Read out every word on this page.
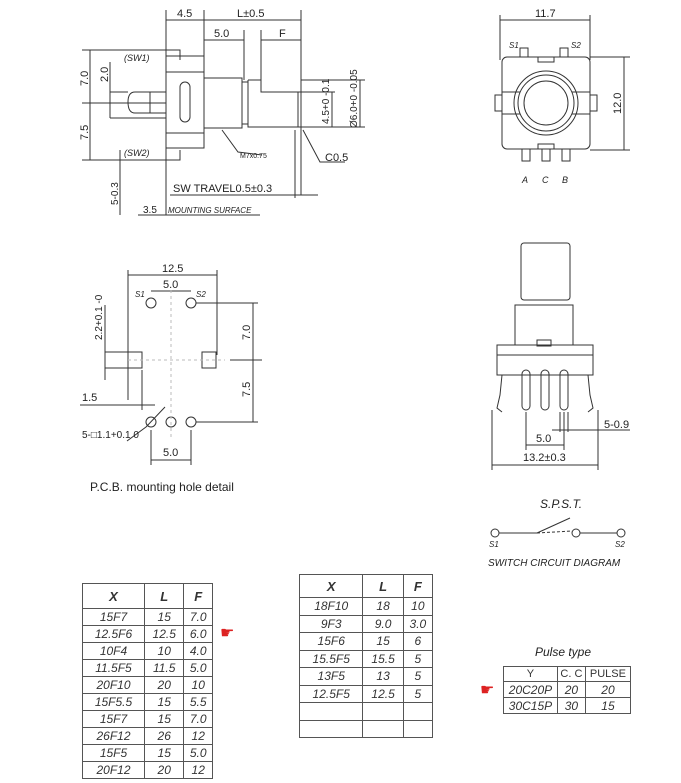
4.5	L±0.5
5.0	F
(SW1)
(SW2)
7.0 2.0
7.5
4.5+0 -0.1 Ø6.0+0 -0.05
M7x0.75	C0.5
SW TRAVEL0.5±0.3
5-0.3
3.5 MOUNTING SURFACE
11.7
S1	S2
12.0
A C B
12.5
5.0
S1	S2
2.2+0.1 -0	7.0
7.5
1.5
5-□1.1+0.1 0
5.0
5-0.9
5.0
13.2±0.3
S.P.S.T.
S1	S2
SWITCH CIRCUIT DIAGRAM
Pulse type
P.C.B. mounting hole detail
X	L	F
15F7	15	7.0
12.5F6	12.5	6.0
10F4	10	4.0
11.5F5	11.5	5.0
20F10	20	10
15F5.5	15	5.5
15F7	15	7.0
26F12	26	12
15F5	15	5.0
20F12	20	12
X	L	F
18F10	18	10
9F3	9.0	3.0
15F6	15	6
15.5F5	15.5	5
13F5	13	5
12.5F5	12.5	5

Y	C. C	PULSE
20C20P	20	20
30C15P	30	15
☚
☛
